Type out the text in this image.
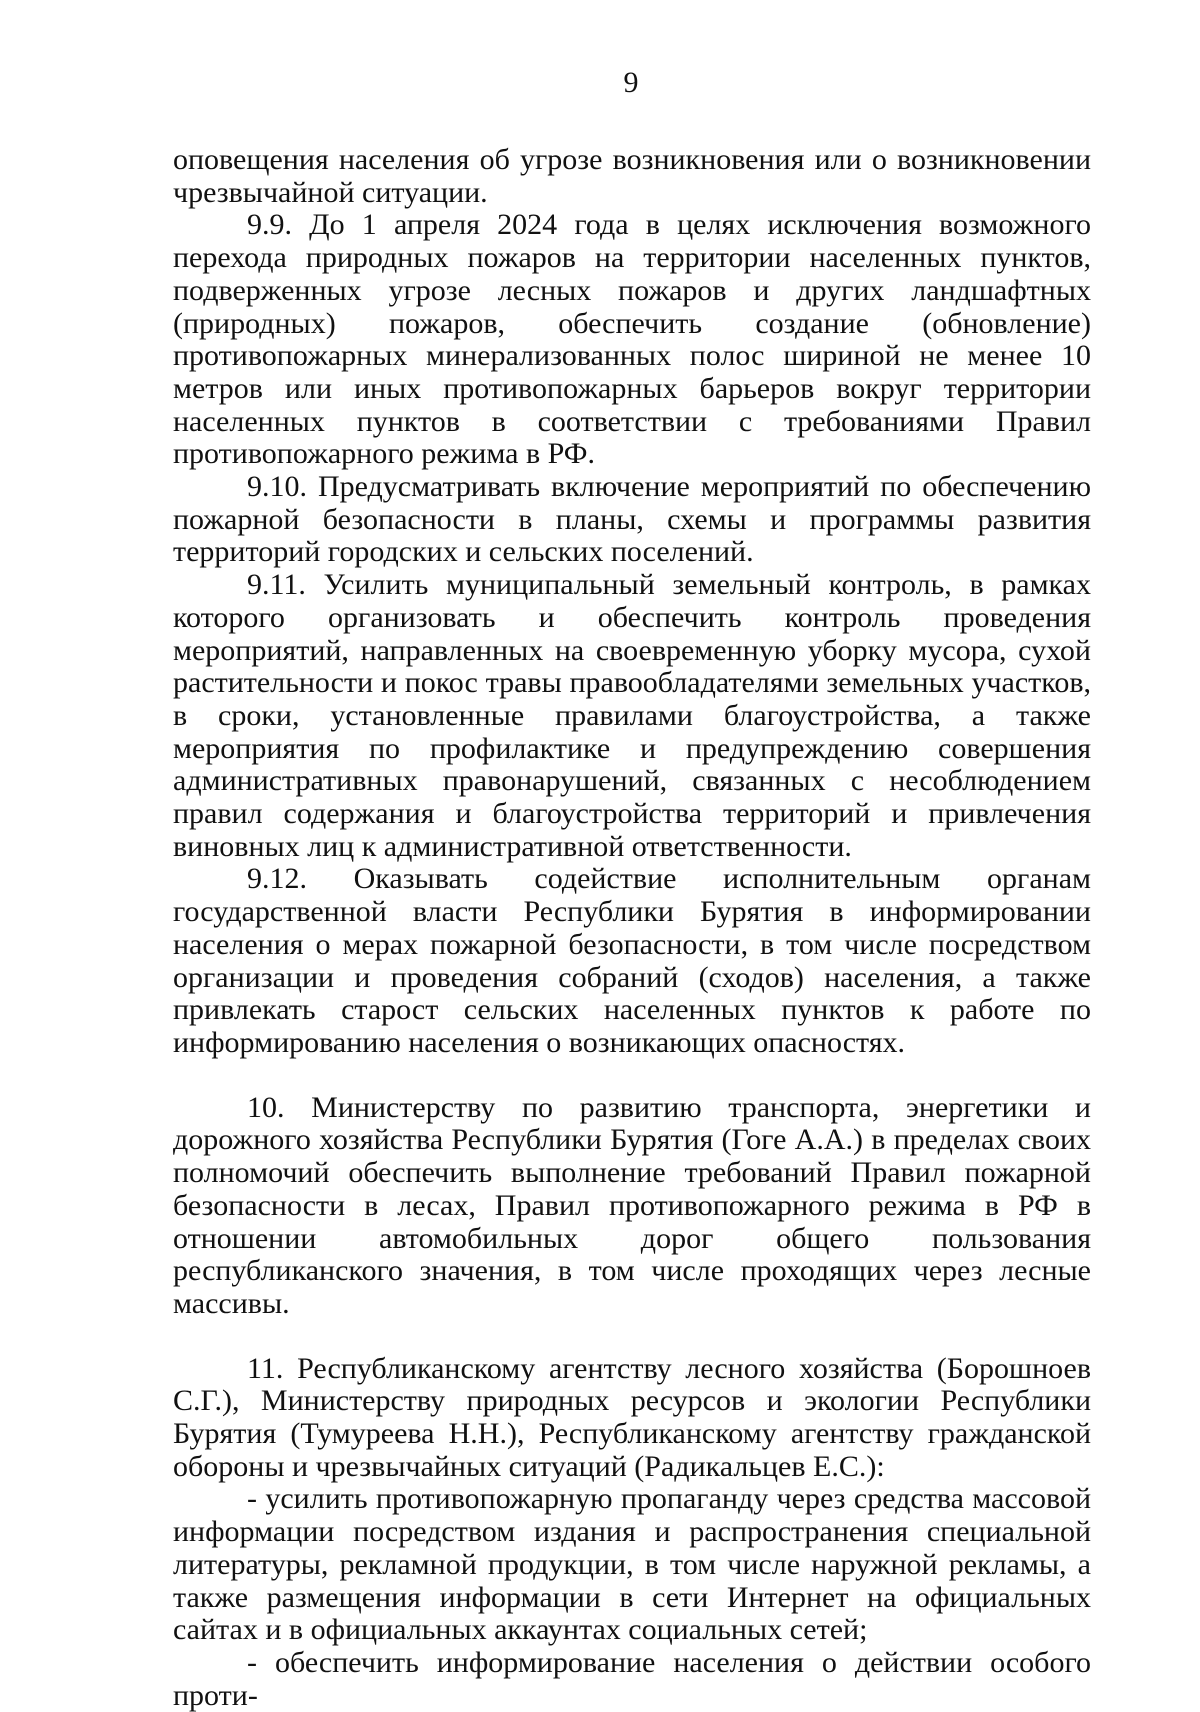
9

оповещения населения об угрозе возникновения или о возникновении чрезвычайной ситуации.

9.9. До 1 апреля 2024 года в целях исключения возможного перехода природных пожаров на территории населенных пунктов, подверженных угрозе лесных пожаров и других ландшафтных (природных) пожаров, обеспечить создание (обновление) противопожарных минерализованных полос шириной не менее 10 метров или иных противопожарных барьеров вокруг территории населенных пунктов в соответствии с требованиями Правил противопожарного режима в РФ.

9.10. Предусматривать включение мероприятий по обеспечению пожарной безопасности в планы, схемы и программы развития территорий городских и сельских поселений.

9.11. Усилить муниципальный земельный контроль, в рамках которого организовать и обеспечить контроль проведения мероприятий, направленных на своевременную уборку мусора, сухой растительности и покос травы правообладателями земельных участков, в сроки, установленные правилами благоустройства, а также мероприятия по профилактике и предупреждению совершения административных правонарушений, связанных с несоблюдением правил содержания и благоустройства территорий и привлечения виновных лиц к административной ответственности.

9.12. Оказывать содействие исполнительным органам государственной власти Республики Бурятия в информировании населения о мерах пожарной безопасности, в том числе посредством организации и проведения собраний (сходов) населения, а также привлекать старост сельских населенных пунктов к работе по информированию населения о возникающих опасностях.

10. Министерству по развитию транспорта, энергетики и дорожного хозяйства Республики Бурятия (Гоге А.А.) в пределах своих полномочий обеспечить выполнение требований Правил пожарной безопасности в лесах, Правил противопожарного режима в РФ в отношении автомобильных дорог общего пользования республиканского значения, в том числе проходящих через лесные массивы.

11. Республиканскому агентству лесного хозяйства (Борошноев С.Г.), Министерству природных ресурсов и экологии Республики Бурятия (Тумуреева Н.Н.), Республиканскому агентству гражданской обороны и чрезвычайных ситуаций (Радикальцев Е.С.):

- усилить противопожарную пропаганду через средства массовой информации посредством издания и распространения специальной литературы, рекламной продукции, в том числе наружной рекламы, а также размещения информации в сети Интернет на официальных сайтах и в официальных аккаунтах социальных сетей;

- обеспечить информирование населения о действии особого проти-
